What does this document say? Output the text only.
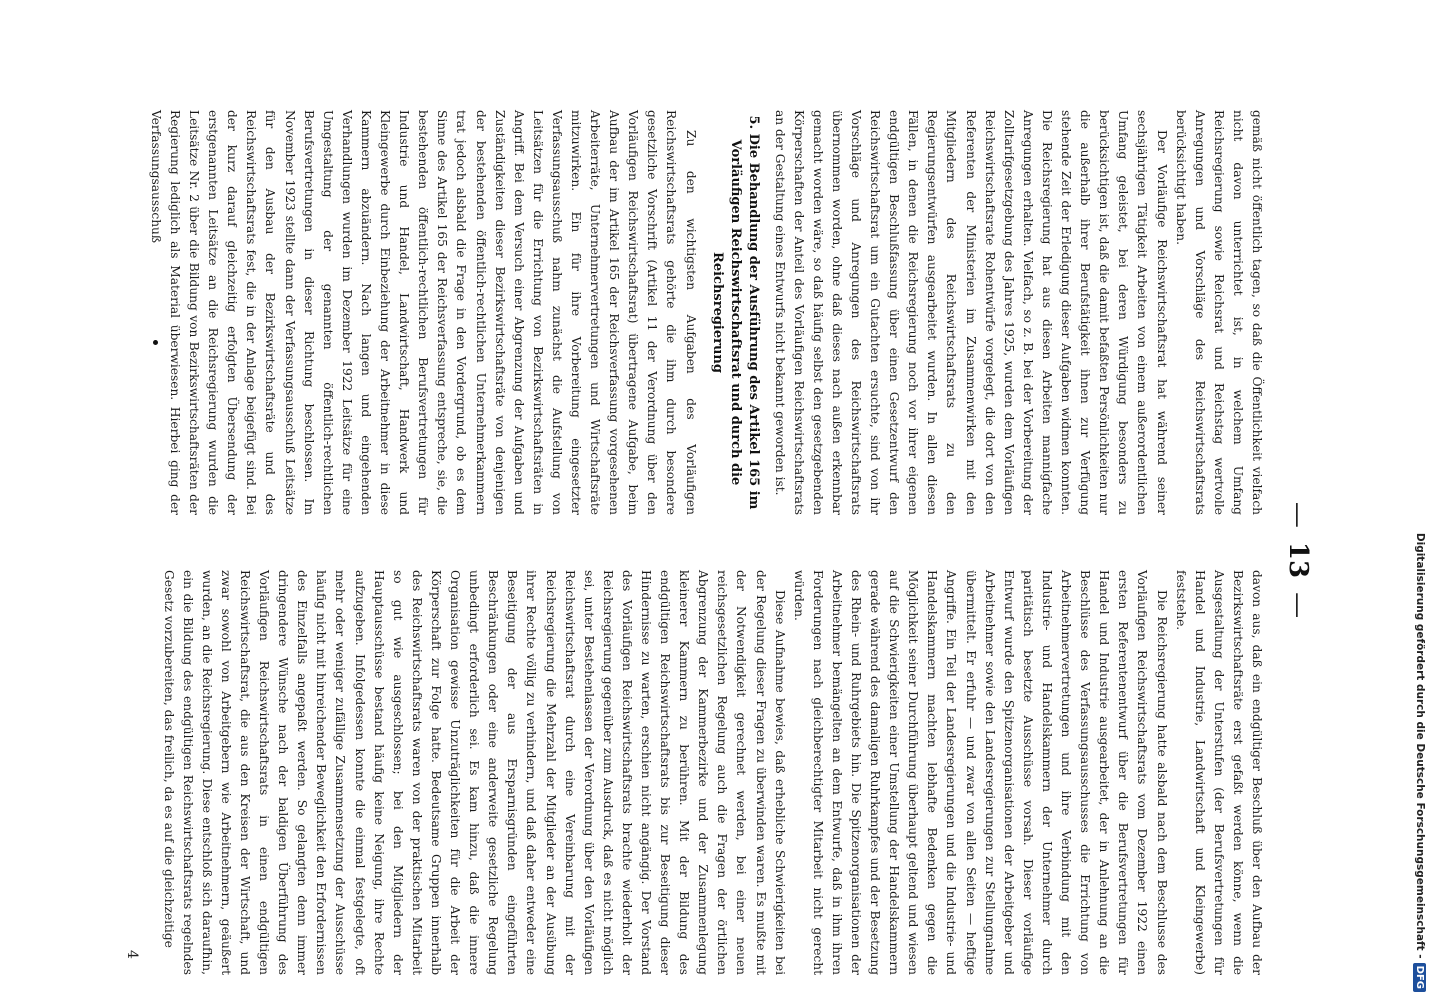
—
13
—

gemäß nicht öffentlich tagen, so daß die Öffentlichkeit vielfach nicht davon unterrichtet ist, in welchem Umfang Reichsregierung sowie Reichsrat und Reichstag wertvolle Anregungen und Vorschläge des Reichswirtschaftsrats berücksichtigt haben.

Der Vorläufige Reichswirtschaftsrat hat während seiner sechsjährigen Tätigkeit Arbeiten von einem außerordentlichen Umfang geleistet, bei deren Würdigung besonders zu berücksichtigen ist, daß die damit befaßten Persönlichkeiten nur die außerhalb ihrer Berufstätigkeit ihnen zur Verfügung stehende Zeit der Erledigung dieser Aufgaben widmen konnten. Die Reichsregierung hat aus diesen Arbeiten mannigfache Anregungen erhalten. Vielfach, so z. B. bei der Vorbereitung der Zolltarifgesetzgebung des Jahres 1925, wurden dem Vorläufigen Reichswirtschaftsrate Rohentwürfe vorgelegt, die dort von den Referenten der Ministerien im Zusammenwirken mit den Mitgliedern des Reichswirtschaftsrats zu den Regierungsentwürfen ausgearbeitet wurden. In allen diesen Fällen, in denen die Reichsregierung noch vor ihrer eigenen endgültigen Beschlußfassung über einen Gesetzentwurf den Reichswirtschaftsrat um ein Gutachten ersuchte, sind von ihr Vorschläge und Anregungen des Reichswirtschaftsrats übernommen worden, ohne daß dieses nach außen erkennbar gemacht worden wäre, so daß häufig selbst den gesetzgebenden Körperschaften der Anteil des Vorläufigen Reichswirtschaftsrats an der Gestaltung eines Entwurfs nicht bekannt geworden ist.

5. Die Behandlung der Ausführung des Artikel 165 im Vorläufigen Reichswirtschaftsrat und durch die Reichsregierung

Zu den wichtigsten Aufgaben des Vorläufigen Reichswirtschaftsrats gehörte die ihm durch besondere gesetzliche Vorschrift (Artikel 11 der Verordnung über den Vorläufigen Reichswirtschaftsrat) übertragene Aufgabe, beim Aufbau der im Artikel 165 der Reichsverfassung vorgesehenen Arbeiterräte, Unternehmervertretungen und Wirtschaftsräte mitzuwirken. Ein für ihre Vorbereitung eingesetzter Verfassungsausschuß nahm zunächst die Aufstellung von Leitsätzen für die Errichtung von Bezirkswirtschaftsräten in Angriff. Bei dem Versuch einer Abgrenzung der Aufgaben und Zuständigkeiten dieser Bezirkswirtschaftsräte von denjenigen der bestehenden öffentlich-rechtlichen Unternehmerkammern trat jedoch alsbald die Frage in den Vordergrund, ob es dem Sinne des Artikel 165 der Reichsverfassung entspreche, sie, die bestehenden öffentlich-rechtlichen Berufsvertretungen für Industrie und Handel, Landwirtschaft, Handwerk und Kleingewerbe durch Einbeziehung der Arbeitnehmer in diese Kammern abzuändern. Nach langen und eingehenden Verhandlungen wurden im Dezember 1922 Leitsätze für eine Umgestaltung der genannten öffentlich-rechtlichen Berufsvertretungen in dieser Richtung beschlossen. Im November 1923 stellte dann der Verfassungsausschuß Leitsätze für den Ausbau der Bezirkswirtschaftsräte und des Reichswirtschaftsrats fest, die in der Anlage beigefügt sind. Bei der kurz darauf gleichzeitig erfolgten Übersendung der erstgenannten Leitsätze an die Reichsregierung wurden die Leitsätze Nr. 2 über die Bildung von Bezirkswirtschaftsräten der Regierung lediglich als Material überwiesen. Hierbei ging der Verfassungsausschuß

davon aus, daß ein endgültiger Beschluß über den Aufbau der Bezirkswirtschaftsräte erst gefaßt werden könne, wenn die Ausgestaltung der Unterstufen (der Berufsvertretungen für Handel und Industrie, Landwirtschaft und Kleingewerbe) feststehe.

Die Reichsregierung hatte alsbald nach dem Beschlusse des Vorläufigen Reichswirtschaftsrats vom Dezember 1922 einen ersten Referentenentwurf über die Berufsvertretungen für Handel und Industrie ausgearbeitet, der in Anlehnung an die Beschlüsse des Verfassungsausschusses die Errichtung von Arbeitnehmervertretungen und ihre Verbindung mit den Industrie- und Handelskammern der Unternehmer durch paritätisch besetzte Ausschüsse vorsah. Dieser vorläufige Entwurf wurde den Spitzenorganisationen der Arbeitgeber und Arbeitnehmer sowie den Landesregierungen zur Stellungnahme übermittelt. Er erfuhr — und zwar von allen Seiten — heftige Angriffe. Ein Teil der Landesregierungen und die Industrie- und Handelskammern machten lebhafte Bedenken gegen die Möglichkeit seiner Durchführung überhaupt geltend und wiesen auf die Schwierigkeiten einer Umstellung der Handelskammern gerade während des damaligen Ruhrkampfes und der Besetzung des Rhein- und Ruhrgebiets hin. Die Spitzenorganisationen der Arbeitnehmer bemängelten an dem Entwurfe, daß in ihm ihren Forderungen nach gleichberechtigter Mitarbeit nicht gerecht würden.

Diese Aufnahme bewies, daß erhebliche Schwierigkeiten bei der Regelung dieser Fragen zu überwinden waren. Es mußte mit der Notwendigkeit gerechnet werden, bei einer neuen reichsgesetzlichen Regelung auch die Fragen der örtlichen Abgrenzung der Kammerbezirke und der Zusammenlegung kleinerer Kammern zu berühren. Mit der Bildung des endgültigen Reichswirtschaftsrats bis zur Beseitigung dieser Hindernisse zu warten, erschien nicht angängig. Der Vorstand des Vorläufigen Reichswirtschaftsrats brachte wiederholt der Reichsregierung gegenüber zum Ausdruck, daß es nicht möglich sei, unter Bestehenlassen der Verordnung über den Vorläufigen Reichswirtschaftsrat durch eine Vereinbarung mit der Reichsregierung die Mehrzahl der Mitglieder an der Ausübung ihrer Rechte völlig zu verhindern, und daß daher entweder eine Beseitigung der aus Ersparnisgründen eingeführten Beschränkungen oder eine anderweite gesetzliche Regelung unbedingt erforderlich sei. Es kam hinzu, daß die innere Organisation gewisse Unzuträglichkeiten für die Arbeit der Körperschaft zur Folge hatte. Bedeutsame Gruppen innerhalb des Reichswirtschaftsrats waren von der praktischen Mitarbeit so gut wie ausgeschlossen; bei den Mitgliedern der Hauptausschüsse bestand häufig keine Neigung, ihre Rechte aufzugeben. Infolgedessen konnte die einmal festgelegte, oft mehr oder weniger zufällige Zusammensetzung der Ausschüsse häufig nicht mit hinreichender Beweglichkeit den Erfordernissen des Einzelfalls angepaßt werden. So gelangten denn immer dringendere Wünsche nach der baldigen Überführung des Vorläufigen Reichswirtschaftsrats in einen endgültigen Reichswirtschaftsrat, die aus den Kreisen der Wirtschaft, und zwar sowohl von Arbeitgebern wie Arbeitnehmern, geäußert wurden, an die Reichsregierung. Diese entschloß sich daraufhin, ein die Bildung des endgültigen Reichswirtschaftsrats regelndes Gesetz vorzubereiten, das freilich, da es auf die gleichzeitige

4	Digitalisierung gefördert durch die Deutsche Forschungsgemeinschaft -
DFG
